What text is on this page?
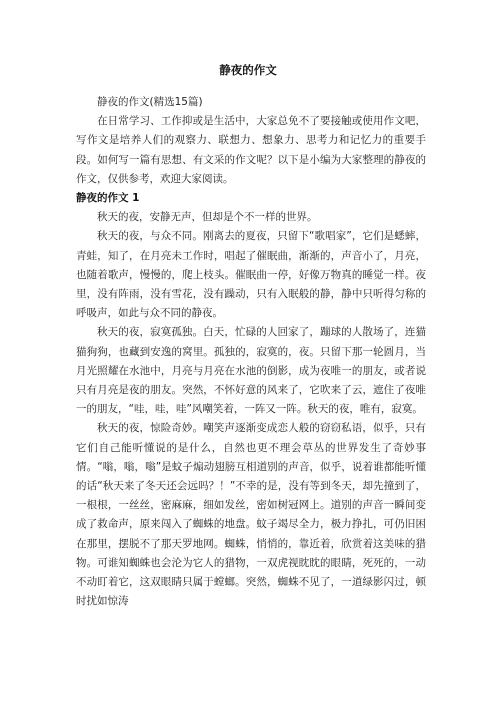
静夜的作文

静夜的作文(精选15篇)

在日常学习、工作抑或是生活中，大家总免不了要接触或使用作文吧，写作文是培养人们的观察力、联想力、想象力、思考力和记忆力的重要手段。如何写一篇有思想、有文采的作文呢？以下是小编为大家整理的静夜的作文，仅供参考，欢迎大家阅读。

静夜的作文 1

秋天的夜，安静无声，但却是个不一样的世界。

秋天的夜，与众不同。刚离去的夏夜，只留下“歌唱家”，它们是蟋蟀，青蛙，知了，在月亮未工作时，唱起了催眠曲，渐渐的，声音小了，月亮，也随着歌声，慢慢的，爬上枝头。催眠曲一停，好像万物真的睡觉一样。夜里，没有阵雨，没有雪花，没有躁动，只有入眠般的静，静中只听得匀称的呼吸声，如此与众不同的静夜。

秋天的夜，寂寞孤独。白天，忙碌的人回家了，蹦球的人散场了，连猫猫狗狗，也藏到安逸的窝里。孤独的，寂寞的，夜。只留下那一轮圆月，当月光照耀在水池中，月亮与月亮在水池的倒影，成为夜唯一的朋友，或者说只有月亮是夜的朋友。突然，不怀好意的风来了，它吹来了云，遮住了夜唯一的朋友，“哇，哇，哇”风嘲笑着，一阵又一阵。秋天的夜，唯有，寂寞。

秋天的夜，惊险奇妙。嘲笑声逐渐变成恋人般的窃窃私语，似乎，只有它们自己能听懂说的是什么，自然也更不理会草丛的世界发生了奇妙事情。“嗡，嗡，嗡”是蚊子煽动翅膀互相道别的声音，似乎，说着谁都能听懂的话“秋天来了冬天还会远吗？！”不幸的是，没有等到冬天，却先撞到了，一根根，一丝丝，密麻麻，细如发丝，密如树冠网上。道别的声音一瞬间变成了救命声，原来闯入了蜘蛛的地盘。蚊子竭尽全力，极力挣扎，可仍旧困在那里，摆脱不了那天罗地网。蜘蛛，悄悄的，靠近着，欣赏着这美味的猎物。可谁知蜘蛛也会沦为它人的猎物，一双虎视眈眈的眼睛，死死的，一动不动盯着它，这双眼睛只属于螳螂。突然，蜘蛛不见了，一道绿影闪过，顿时扰如惊涛
